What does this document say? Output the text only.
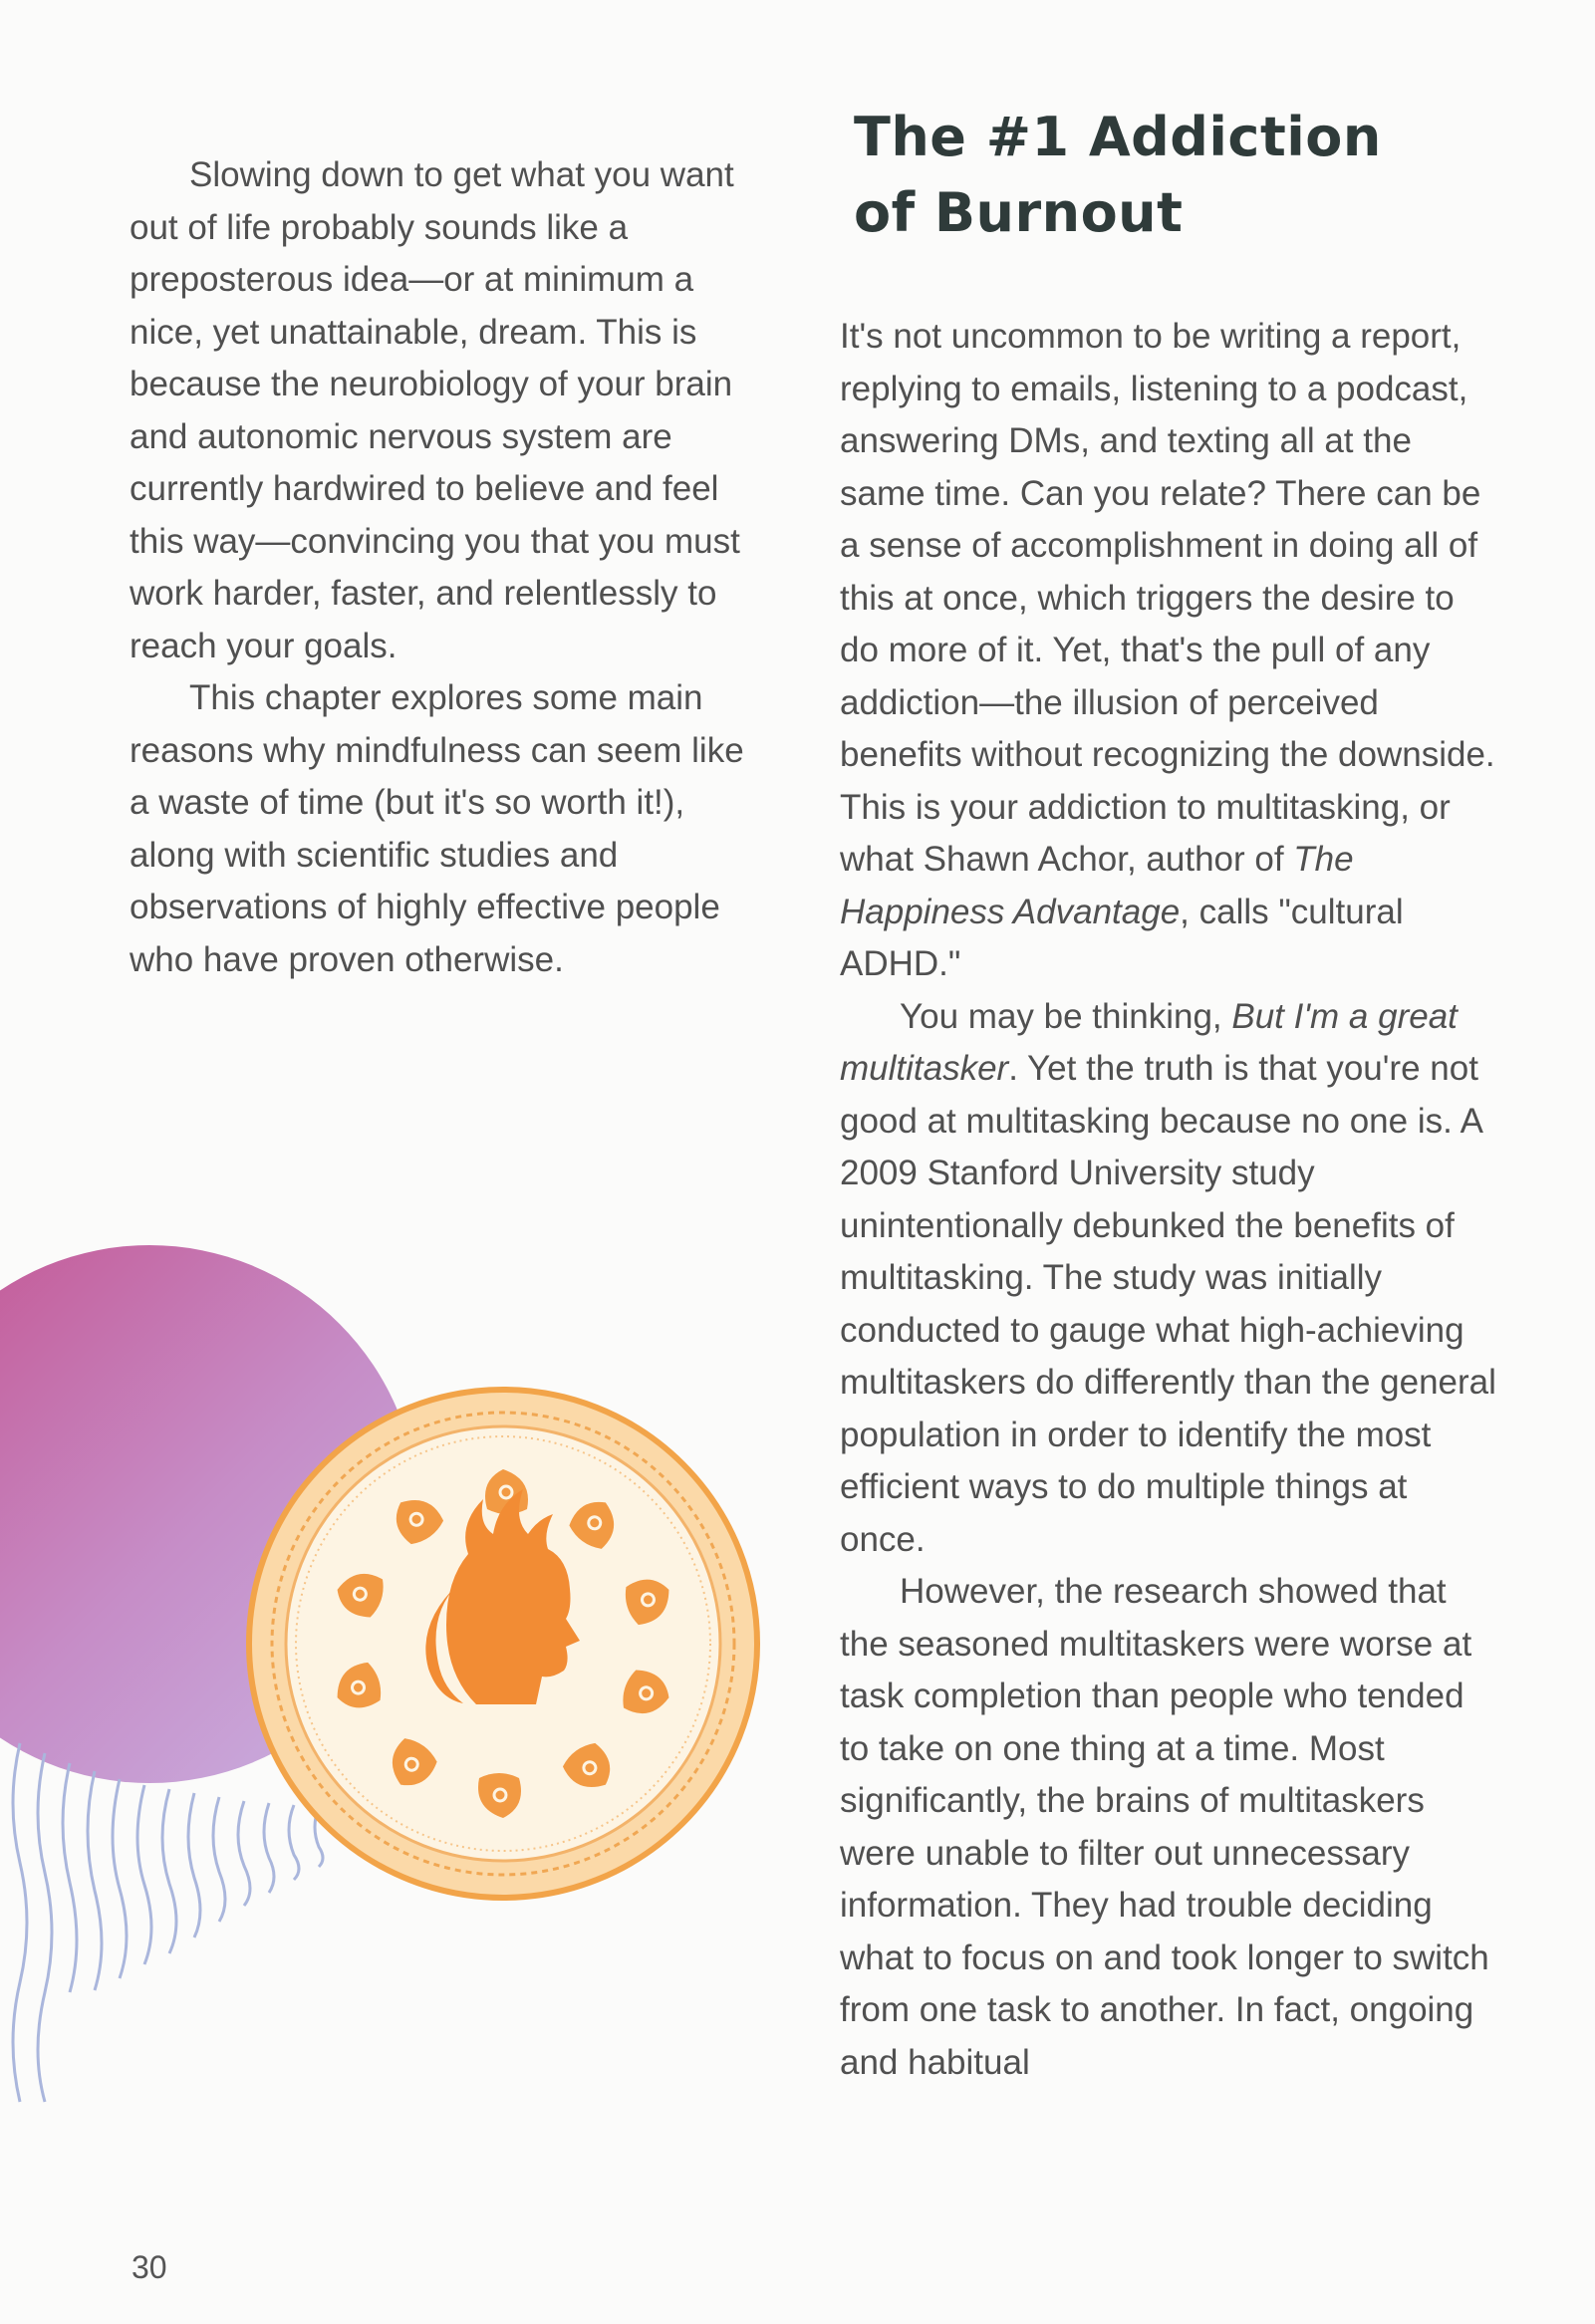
Slowing down to get what you want out of life probably sounds like a preposterous idea—or at minimum a nice, yet unattainable, dream. This is because the neurobiology of your brain and autonomic nervous system are currently hardwired to believe and feel this way—convincing you that you must work harder, faster, and relentlessly to reach your goals.

This chapter explores some main reasons why mindfulness can seem like a waste of time (but it's so worth it!), along with scientific studies and observations of highly effective people who have proven otherwise.

The #1 Addiction
of Burnout

It's not uncommon to be writing a report, replying to emails, listening to a podcast, answering DMs, and texting all at the same time. Can you relate? There can be a sense of accomplishment in doing all of this at once, which triggers the desire to do more of it. Yet, that's the pull of any addiction—the illusion of perceived benefits without recognizing the downside. This is your addiction to multitasking, or what Shawn Achor, author of The Happiness Advantage, calls "cultural ADHD."

You may be thinking, But I'm a great multitasker. Yet the truth is that you're not good at multitasking because no one is. A 2009 Stanford University study unintentionally debunked the benefits of multitasking. The study was initially conducted to gauge what high-achieving multitaskers do differently than the general population in order to identify the most efficient ways to do multiple things at once.

However, the research showed that the seasoned multitaskers were worse at task completion than people who tended to take on one thing at a time. Most significantly, the brains of multitaskers were unable to filter out unnecessary information. They had trouble deciding what to focus on and took longer to switch from one task to another. In fact, ongoing and habitual

30
